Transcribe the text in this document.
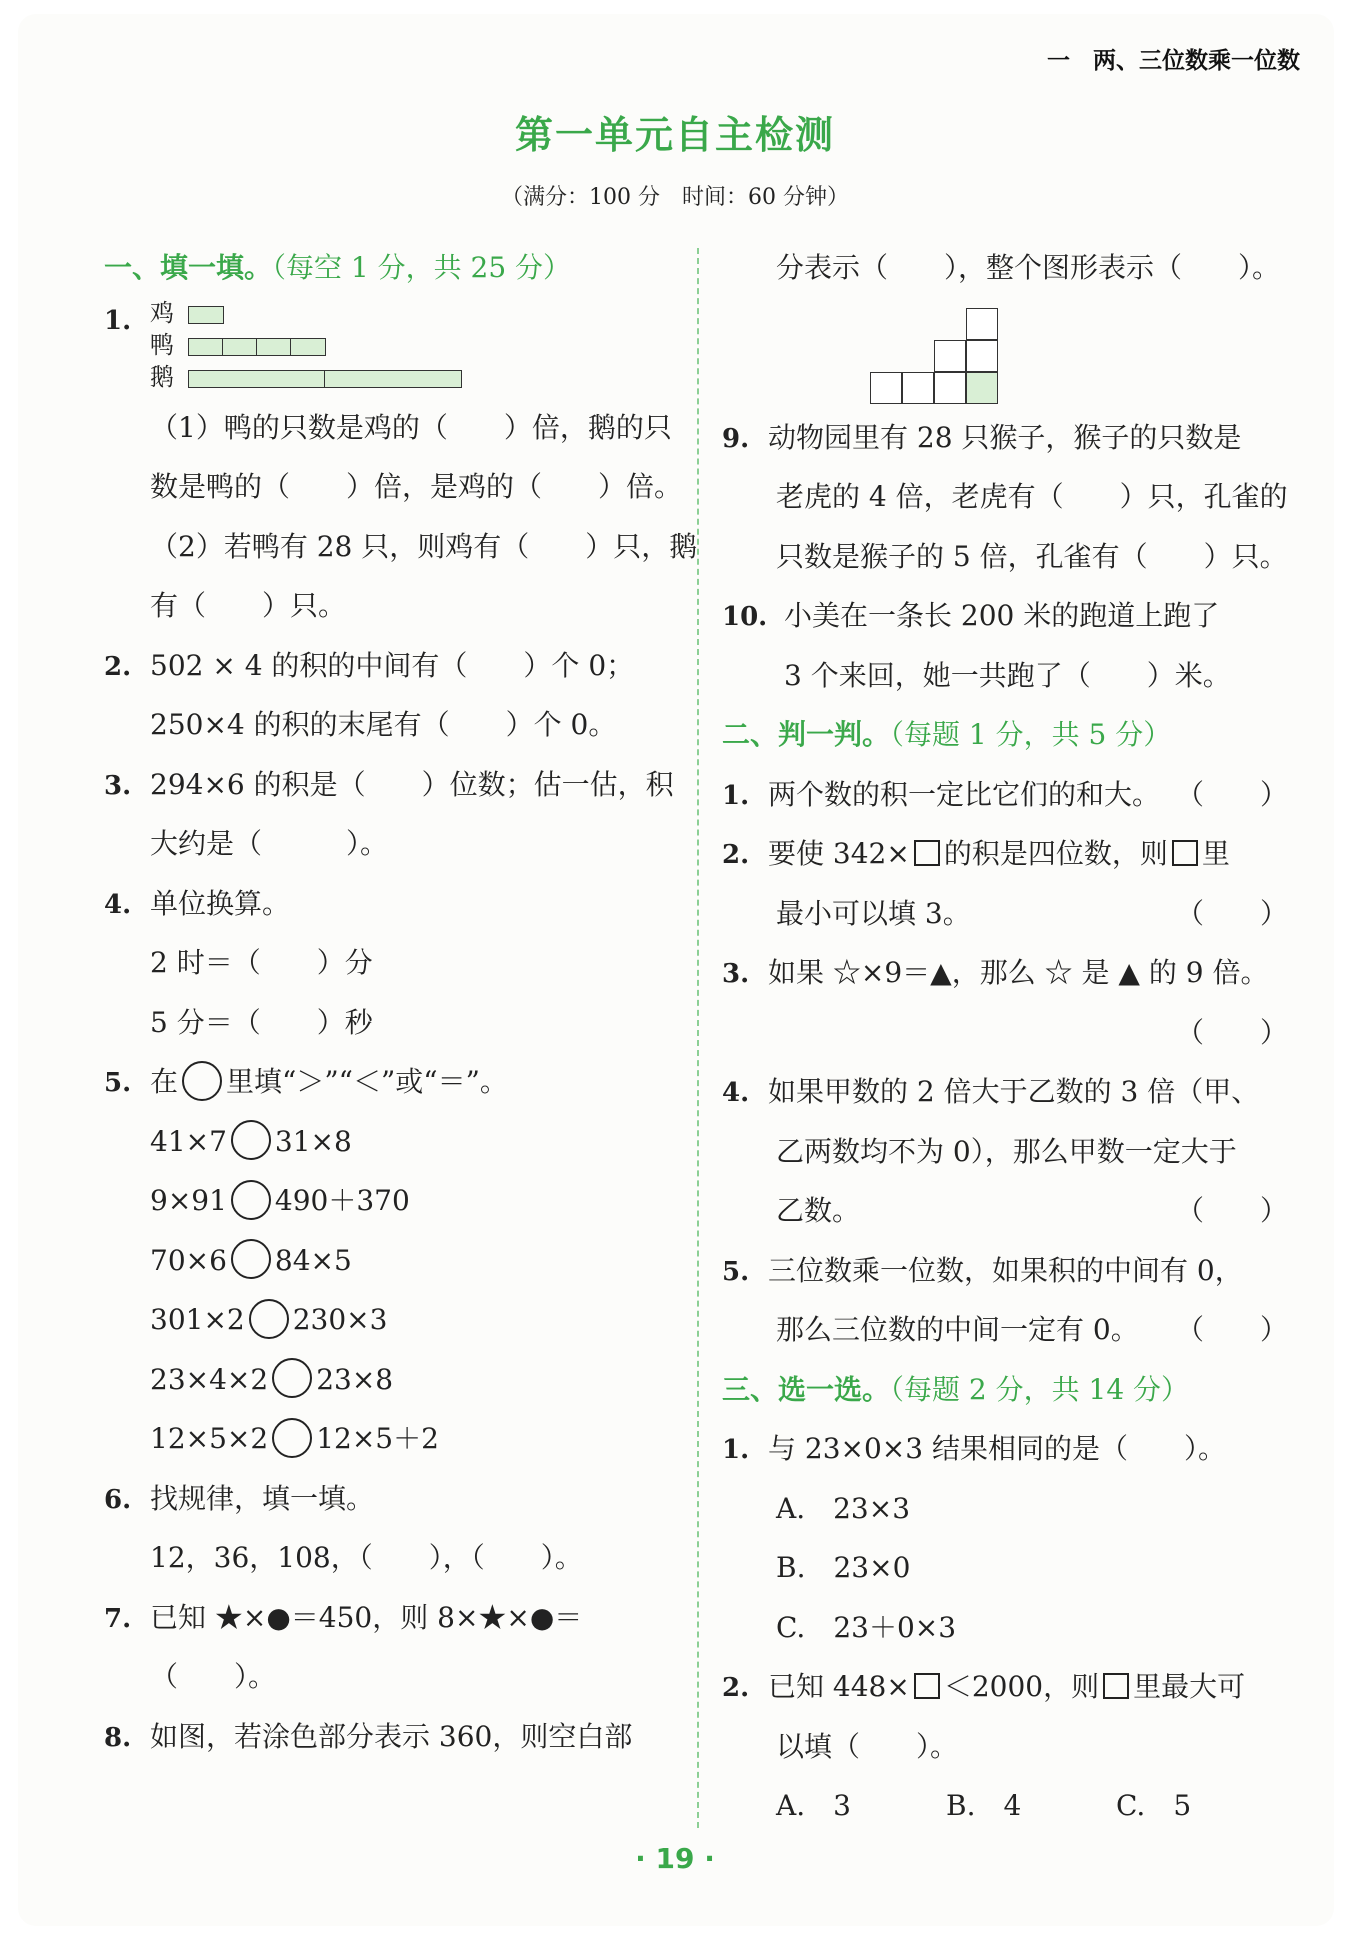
一　两、三位数乘一位数
第一单元自主检测
（满分：100 分　时间：60 分钟）
一、填一填。（每空 1 分，共 25 分）
1. 鸡
鸭
鹅
（1）鸭的只数是鸡的（　　）倍，鹅的只
数是鸭的（　　）倍，是鸡的（　　）倍。
（2）若鸭有 28 只，则鸡有（　　）只，鹅
有（　　）只。
2. 502 × 4 的积的中间有（　　）个 0；
250×4 的积的末尾有（　　）个 0。
3. 294×6 的积是（　　）位数；估一估，积
大约是（　　　）。
4. 单位换算。
2 时＝（　　）分
5 分＝（　　）秒
5. 在 里填“＞”“＜”或“＝”。
41×7 31×8
9×91 490＋370
70×6 84×5
301×2 230×3
23×4×2 23×8
12×5×2 12×5＋2
6. 找规律，填一填。
12，36，108，（　　），（　　）。
7. 已知 ★×●＝450，则 8×★×●＝
（　　）。
8. 如图，若涂色部分表示 360，则空白部
分表示（　　），整个图形表示（　　）。
9. 动物园里有 28 只猴子，猴子的只数是
老虎的 4 倍，老虎有（　　）只，孔雀的
只数是猴子的 5 倍，孔雀有（　　）只。
10. 小美在一条长 200 米的跑道上跑了
3 个来回，她一共跑了（　　）米。
二、判一判。（每题 1 分，共 5 分）
1. 两个数的积一定比它们的和大。 （　　）
2. 要使 342× 的积是四位数，则 里
最小可以填 3。	（　　）
3. 如果 ☆×9＝▲，那么 ☆ 是 ▲ 的 9 倍。
（　　）
4. 如果甲数的 2 倍大于乙数的 3 倍（甲、
乙两数均不为 0），那么甲数一定大于
乙数。	（　　）
5. 三位数乘一位数，如果积的中间有 0，
那么三位数的中间一定有 0。 （　　）
三、选一选。（每题 2 分，共 14 分）
1. 与 23×0×3 结果相同的是（　　）。
A.　23×3
B.　23×0
C.　23＋0×3
2. 已知 448× ＜2000，则 里最大可
以填（　　）。
A.　3	B.　4	C.　5
· 19 ·
